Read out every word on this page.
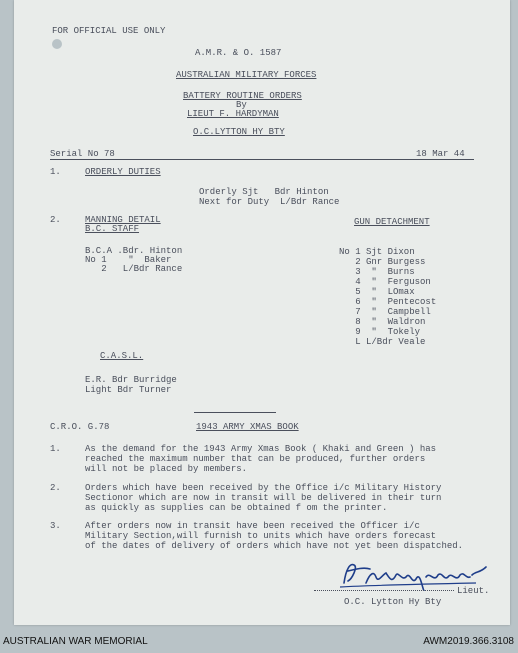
FOR OFFICIAL USE ONLY
A.M.R. & O. 1587
AUSTRALIAN MILITARY FORCES
BATTERY ROUTINE ORDERS
By
LIEUT F. HARDYMAN
O.C.LYTTON HY BTY
Serial No 78	18 Mar 44
1.	ORDERLY DUTIES
Orderly Sjt   Bdr Hinton
Next for Duty  L/Bdr Rance
2.	MANNING DETAIL
B.C. STAFF
GUN DETACHMENT
B.C.A .Bdr. Hinton
No 1    "  Baker
2   L/Bdr Rance
No 1 Sjt Dixon
2 Gnr Burgess
3  "  Burns
4  "  Ferguson
5  "  LOmax
6  "  Pentecost
7  "  Campbell
8  "  Waldron
9  "  Tokely
L L/Bdr Veale
C.A.S.L.
E.R. Bdr Burridge
Light Bdr Turner
C.R.O. G.78	1943 ARMY XMAS BOOK
1.	As the demand for the 1943 Army Xmas Book ( Khaki and Green ) has
reached the maximum number that can be produced, further orders
will not be placed by members.
2.	Orders which have been received by the Office i/c Military History
Sectionor which are now in transit will be delivered in their turn
as quickly as supplies can be obtained f om the printer.
3.	After orders now in transit have been received the Officer i/c
Military Section,will furnish to units which have orders forecast
of the dates of delivery of orders which have not yet been dispatched.
Lieut.
O.C. Lytton Hy Bty
AUSTRALIAN WAR MEMORIAL	AWM2019.366.3108
